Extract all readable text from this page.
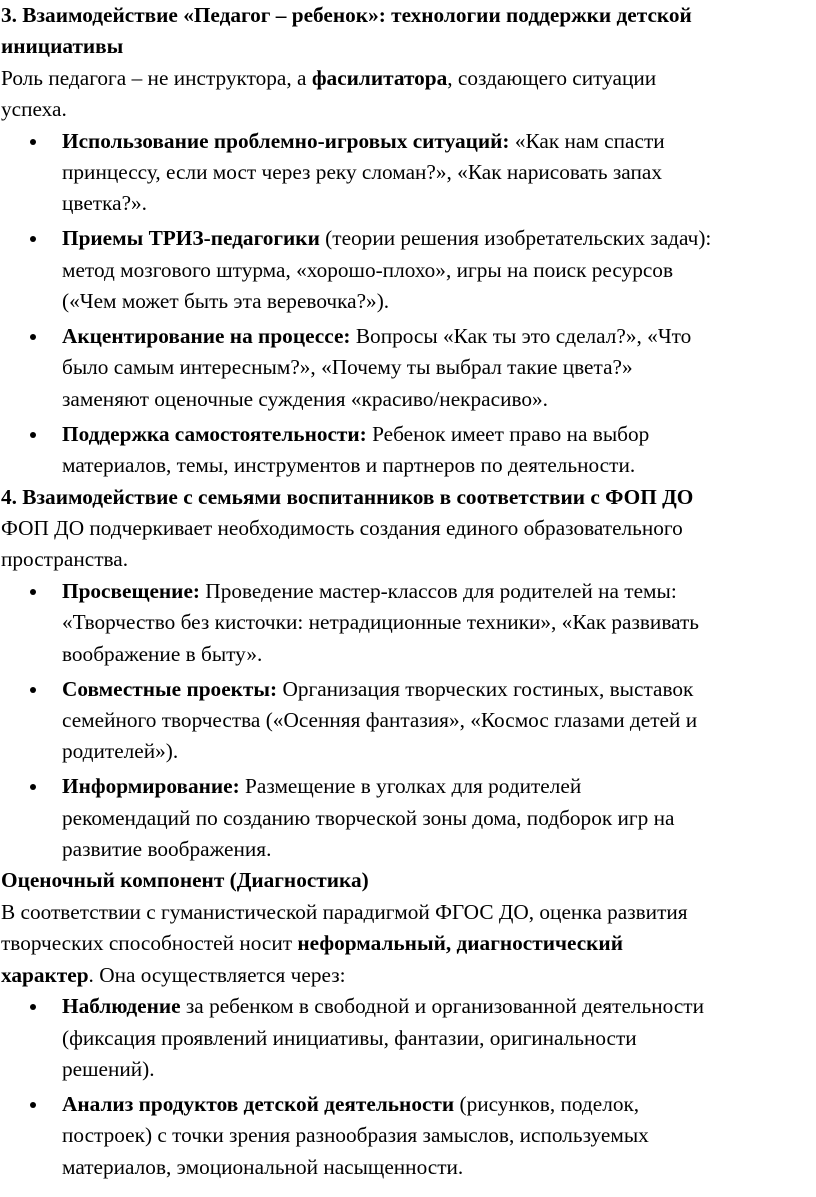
3. Взаимодействие «Педагог – ребенок»: технологии поддержки детской

инициативы

Роль педагога – не инструктора, а фасилитатора, создающего ситуации

успеха.

Использование проблемно-игровых ситуаций: «Как нам спасти

принцессу, если мост через реку сломан?», «Как нарисовать запах

цветка?».

Приемы ТРИЗ-педагогики (теории решения изобретательских задач):

метод мозгового штурма, «хорошо-плохо», игры на поиск ресурсов

(«Чем может быть эта веревочка?»).

Акцентирование на процессе: Вопросы «Как ты это сделал?», «Что

было самым интересным?», «Почему ты выбрал такие цвета?»

заменяют оценочные суждения «красиво/некрасиво».

Поддержка самостоятельности: Ребенок имеет право на выбор

материалов, темы, инструментов и партнеров по деятельности.

4. Взаимодействие с семьями воспитанников в соответствии с ФОП ДО

ФОП ДО подчеркивает необходимость создания единого образовательного

пространства.

Просвещение: Проведение мастер-классов для родителей на темы:

«Творчество без кисточки: нетрадиционные техники», «Как развивать

воображение в быту».

Совместные проекты: Организация творческих гостиных, выставок

семейного творчества («Осенняя фантазия», «Космос глазами детей и

родителей»).

Информирование: Размещение в уголках для родителей

рекомендаций по созданию творческой зоны дома, подборок игр на

развитие воображения.

Оценочный компонент (Диагностика)

В соответствии с гуманистической парадигмой ФГОС ДО, оценка развития

творческих способностей носит неформальный, диагностический

характер. Она осуществляется через:

Наблюдение за ребенком в свободной и организованной деятельности

(фиксация проявлений инициативы, фантазии, оригинальности

решений).

Анализ продуктов детской деятельности (рисунков, поделок,

построек) с точки зрения разнообразия замыслов, используемых

материалов, эмоциональной насыщенности.
